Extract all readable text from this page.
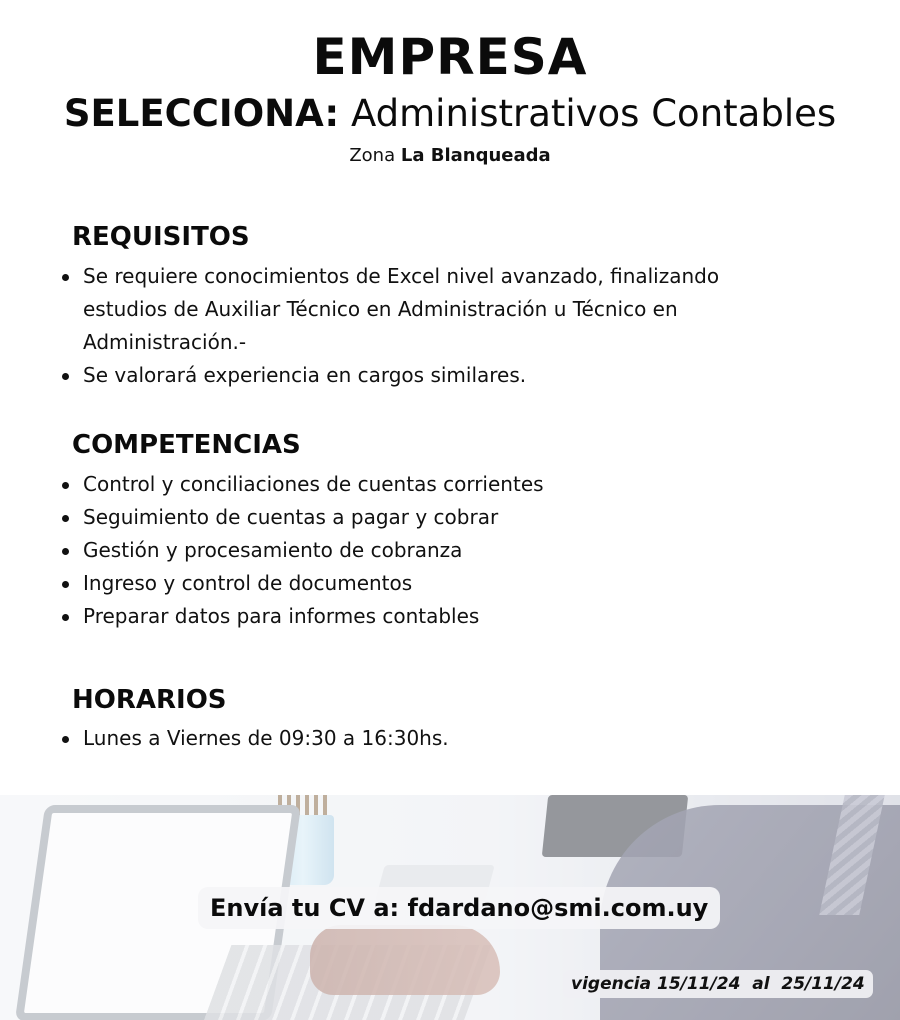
EMPRESA
SELECCIONA: Administrativos Contables
Zona La Blanqueada
REQUISITOS
Se requiere conocimientos de Excel nivel avanzado, finalizando estudios de Auxiliar Técnico en Administración u Técnico en Administración.-
Se valorará experiencia en cargos similares.
COMPETENCIAS
Control y conciliaciones de cuentas corrientes
Seguimiento de cuentas a pagar y cobrar
Gestión y procesamiento de cobranza
Ingreso y control de documentos
Preparar datos para informes contables
HORARIOS
Lunes a Viernes de 09:30 a 16:30hs.
Envía tu CV a: fdardano@smi.com.uy
vigencia 15/11/24  al  25/11/24
